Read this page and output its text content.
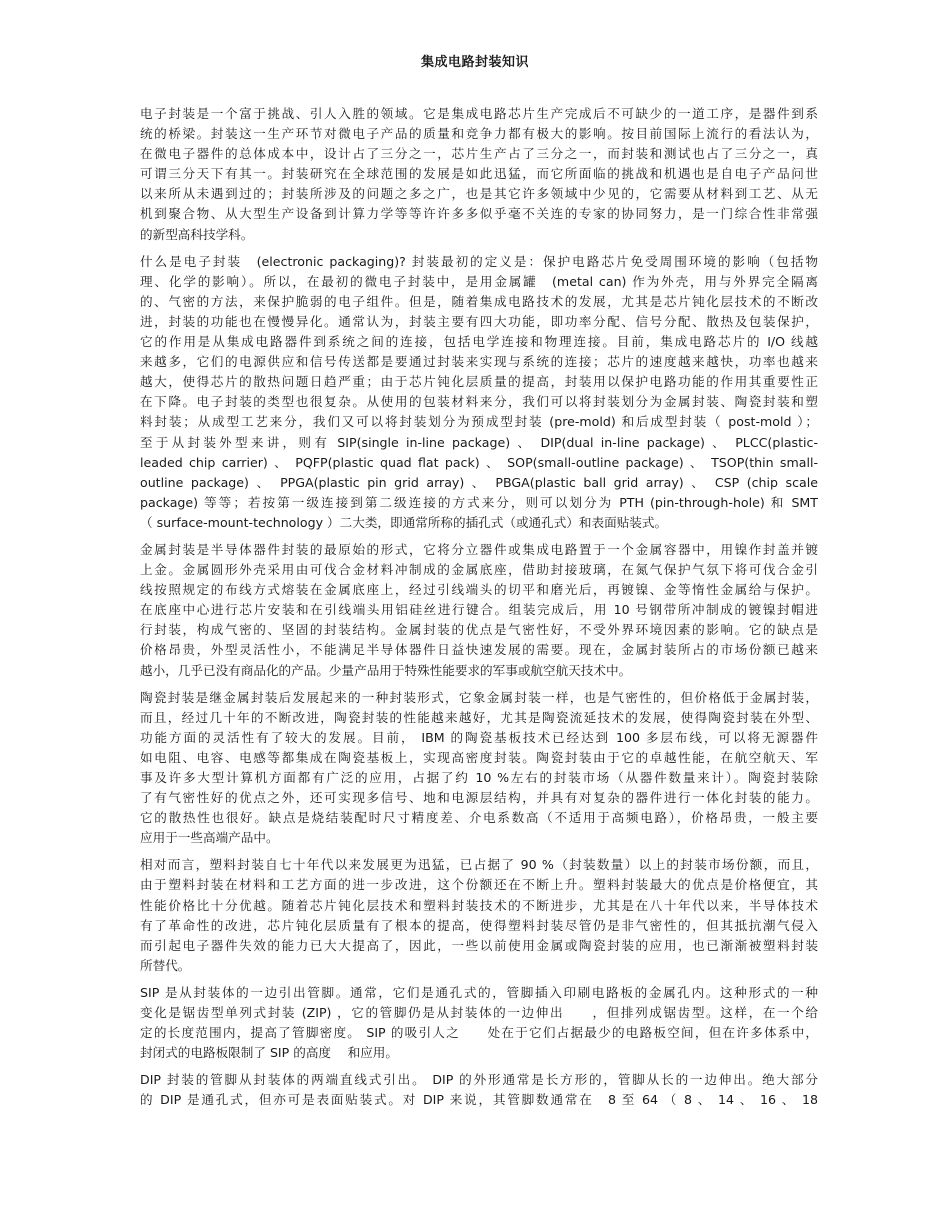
集成电路封装知识

电子封装是一个富于挑战、引人入胜的领域。它是集成电路芯片生产完成后不可缺少的一道工序，是器件到系
统的桥梁。封装这一生产环节对微电子产品的质量和竞争力都有极大的影响。按目前国际上流行的看法认为，
在微电子器件的总体成本中，设计占了三分之一，芯片生产占了三分之一，而封装和测试也占了三分之一，真
可谓三分天下有其一。封装研究在全球范围的发展是如此迅猛，而它所面临的挑战和机遇也是自电子产品问世
以来所从未遇到过的；封装所涉及的问题之多之广，也是其它许多领域中少见的，它需要从材料到工艺、从无
机到聚合物、从大型生产设备到计算力学等等许许多多似乎毫不关连的专家的协同努力，是一门综合性非常强
的新型高科技学科。

什么是电子封装　(electronic packaging)? 封装最初的定义是：保护电路芯片免受周围环境的影响（包括物
理、化学的影响）。所以，在最初的微电子封装中，是用金属罐　(metal can) 作为外壳，用与外界完全隔离
的、气密的方法，来保护脆弱的电子组件。但是，随着集成电路技术的发展，尤其是芯片钝化层技术的不断改
进，封装的功能也在慢慢异化。通常认为，封装主要有四大功能，即功率分配、信号分配、散热及包装保护，
它的作用是从集成电路器件到系统之间的连接，包括电学连接和物理连接。目前，集成电路芯片的 I/O 线越
来越多，它们的电源供应和信号传送都是要通过封装来实现与系统的连接；芯片的速度越来越快，功率也越来
越大，使得芯片的散热问题日趋严重；由于芯片钝化层质量的提高，封装用以保护电路功能的作用其重要性正
在下降。电子封装的类型也很复杂。从使用的包装材料来分，我们可以将封装划分为金属封装、陶瓷封装和塑
料封装；从成型工艺来分，我们又可以将封装划分为预成型封装 (pre-mold) 和后成型封装（ post-mold ）；
至于从封装外型来讲，则有 SIP(single in-line package) 、 DIP(dual in-line package) 、 PLCC(plastic-
leaded chip carrier) 、 PQFP(plastic quad flat pack) 、 SOP(small-outline package) 、 TSOP(thin small-
outline package) 、 PPGA(plastic pin grid array) 、 PBGA(plastic ball grid array) 、 CSP (chip scale
package) 等等；若按第一级连接到第二级连接的方式来分，则可以划分为 PTH (pin-through-hole) 和 SMT
（ surface-mount-technology ）二大类，即通常所称的插孔式（或通孔式）和表面贴装式。

金属封装是半导体器件封装的最原始的形式，它将分立器件或集成电路置于一个金属容器中，用镍作封盖并镀
上金。金属圆形外壳采用由可伐合金材料冲制成的金属底座，借助封接玻璃，在氮气保护气氛下将可伐合金引
线按照规定的布线方式熔装在金属底座上，经过引线端头的切平和磨光后，再镀镍、金等惰性金属给与保护。
在底座中心进行芯片安装和在引线端头用铝硅丝进行键合。组装完成后，用 10 号钢带所冲制成的镀镍封帽进
行封装，构成气密的、坚固的封装结构。金属封装的优点是气密性好，不受外界环境因素的影响。它的缺点是
价格昂贵，外型灵活性小，不能满足半导体器件日益快速发展的需要。现在，金属封装所占的市场份额已越来
越小，几乎已没有商品化的产品。少量产品用于特殊性能要求的军事或航空航天技术中。

陶瓷封装是继金属封装后发展起来的一种封装形式，它象金属封装一样，也是气密性的，但价格低于金属封装，
而且，经过几十年的不断改进，陶瓷封装的性能越来越好，尤其是陶瓷流延技术的发展，使得陶瓷封装在外型、
功能方面的灵活性有了较大的发展。目前， IBM 的陶瓷基板技术已经达到 100 多层布线，可以将无源器件
如电阻、电容、电感等都集成在陶瓷基板上，实现高密度封装。陶瓷封装由于它的卓越性能，在航空航天、军
事及许多大型计算机方面都有广泛的应用，占据了约 10 %左右的封装市场（从器件数量来计）。陶瓷封装除
了有气密性好的优点之外，还可实现多信号、地和电源层结构，并具有对复杂的器件进行一体化封装的能力。
它的散热性也很好。缺点是烧结装配时尺寸精度差、介电系数高（不适用于高频电路），价格昂贵，一般主要
应用于一些高端产品中。

相对而言，塑料封装自七十年代以来发展更为迅猛，已占据了 90 %（封装数量）以上的封装市场份额，而且，
由于塑料封装在材料和工艺方面的进一步改进，这个份额还在不断上升。塑料封装最大的优点是价格便宜，其
性能价格比十分优越。随着芯片钝化层技术和塑料封装技术的不断进步，尤其是在八十年代以来，半导体技术
有了革命性的改进，芯片钝化层质量有了根本的提高，使得塑料封装尽管仍是非气密性的，但其抵抗潮气侵入
而引起电子器件失效的能力已大大提高了，因此，一些以前使用金属或陶瓷封装的应用，也已渐渐被塑料封装
所替代。

SIP 是从封装体的一边引出管脚。通常，它们是通孔式的，管脚插入印刷电路板的金属孔内。这种形式的一种
变化是锯齿型单列式封装 (ZIP) ，它的管脚仍是从封装体的一边伸出　　，但排列成锯齿型。这样，在一个给
定的长度范围内，提高了管脚密度。 SIP 的吸引人之　　处在于它们占据最少的电路板空间，但在许多体系中，
封闭式的电路板限制了 SIP 的高度　 和应用。

DIP 封装的管脚从封装体的两端直线式引出。 DIP 的外形通常是长方形的，管脚从长的一边伸出。绝大部分
的 DIP 是通孔式，但亦可是表面贴装式。对 DIP 来说，其管脚数通常在　8 至 64 （ 8 、 14 、 16 、 18
